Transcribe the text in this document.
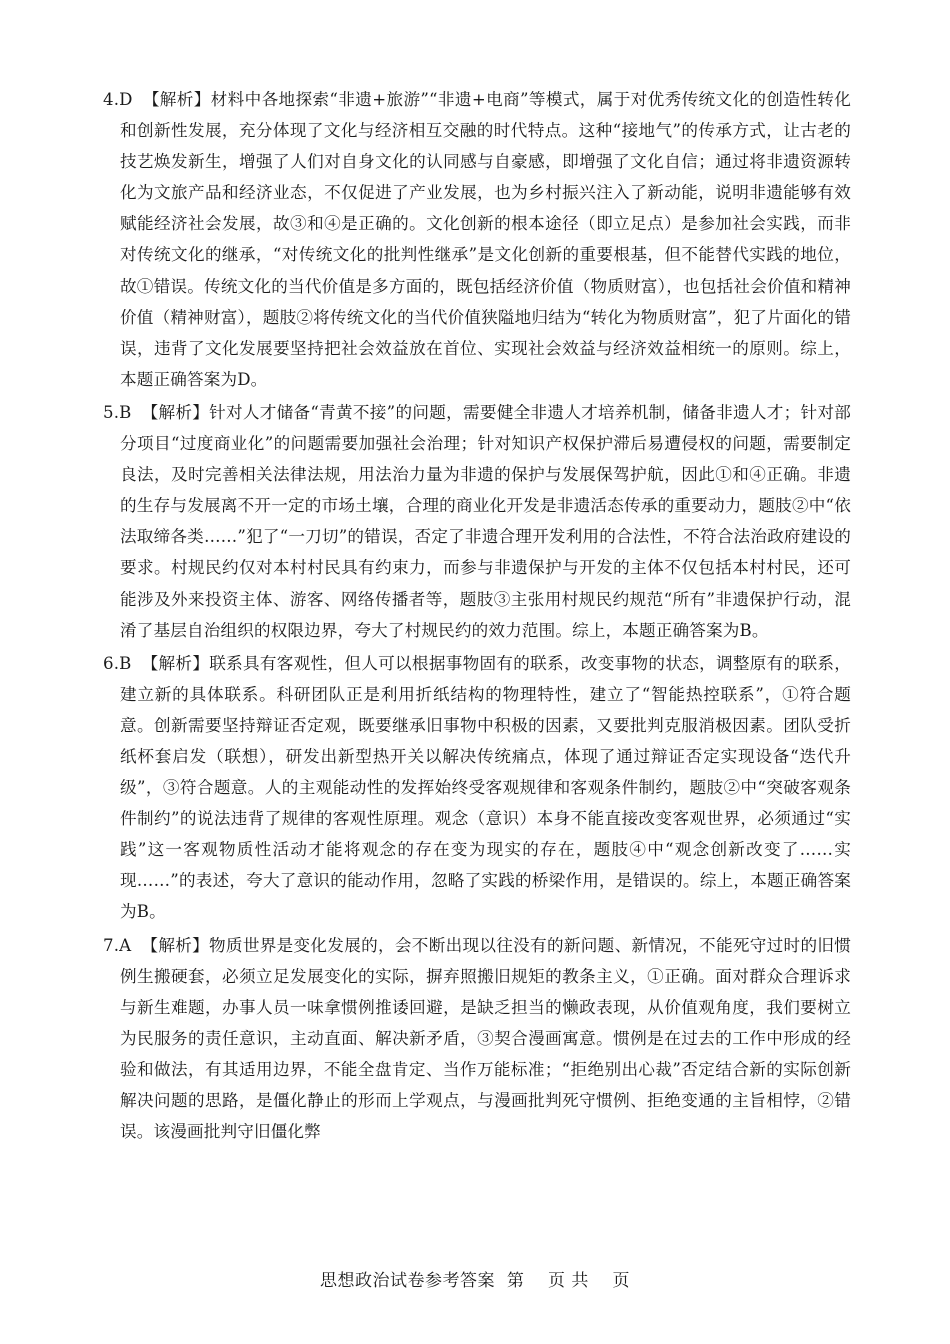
4.D 【解析】材料中各地探索“非遗+旅游”“非遗+电商”等模式，属于对优秀传统文化的创造性转化和创新性发展，充分体现了文化与经济相互交融的时代特点。这种“接地气”的传承方式，让古老的技艺焕发新生，增强了人们对自身文化的认同感与自豪感，即增强了文化自信；通过将非遗资源转化为文旅产品和经济业态，不仅促进了产业发展，也为乡村振兴注入了新动能，说明非遗能够有效赋能经济社会发展，故③和④是正确的。文化创新的根本途径（即立足点）是参加社会实践，而非对传统文化的继承，“对传统文化的批判性继承”是文化创新的重要根基，但不能替代实践的地位，故①错误。传统文化的当代价值是多方面的，既包括经济价值（物质财富），也包括社会价值和精神价值（精神财富），题肢②将传统文化的当代价值狭隘地归结为“转化为物质财富”，犯了片面化的错误，违背了文化发展要坚持把社会效益放在首位、实现社会效益与经济效益相统一的原则。综上，本题正确答案为D。

5.B 【解析】针对人才储备“青黄不接”的问题，需要健全非遗人才培养机制，储备非遗人才；针对部分项目“过度商业化”的问题需要加强社会治理；针对知识产权保护滞后易遭侵权的问题，需要制定良法，及时完善相关法律法规，用法治力量为非遗的保护与发展保驾护航，因此①和④正确。非遗的生存与发展离不开一定的市场土壤，合理的商业化开发是非遗活态传承的重要动力，题肢②中“依法取缔各类……”犯了“一刀切”的错误，否定了非遗合理开发利用的合法性，不符合法治政府建设的要求。村规民约仅对本村村民具有约束力，而参与非遗保护与开发的主体不仅包括本村村民，还可能涉及外来投资主体、游客、网络传播者等，题肢③主张用村规民约规范“所有”非遗保护行动，混淆了基层自治组织的权限边界，夸大了村规民约的效力范围。综上，本题正确答案为B。

6.B 【解析】联系具有客观性，但人可以根据事物固有的联系，改变事物的状态，调整原有的联系，建立新的具体联系。科研团队正是利用折纸结构的物理特性，建立了“智能热控联系”，①符合题意。创新需要坚持辩证否定观，既要继承旧事物中积极的因素，又要批判克服消极因素。团队受折纸杯套启发（联想），研发出新型热开关以解决传统痛点，体现了通过辩证否定实现设备“迭代升级”，③符合题意。人的主观能动性的发挥始终受客观规律和客观条件制约，题肢②中“突破客观条件制约”的说法违背了规律的客观性原理。观念（意识）本身不能直接改变客观世界，必须通过“实践”这一客观物质性活动才能将观念的存在变为现实的存在，题肢④中“观念创新改变了……实现……”的表述，夸大了意识的能动作用，忽略了实践的桥梁作用，是错误的。综上，本题正确答案为B。

7.A 【解析】物质世界是变化发展的，会不断出现以往没有的新问题、新情况，不能死守过时的旧惯例生搬硬套，必须立足发展变化的实际，摒弃照搬旧规矩的教条主义，①正确。面对群众合理诉求与新生难题，办事人员一味拿惯例推诿回避，是缺乏担当的懒政表现，从价值观角度，我们要树立为民服务的责任意识，主动直面、解决新矛盾，③契合漫画寓意。惯例是在过去的工作中形成的经验和做法，有其适用边界，不能全盘肯定、当作万能标准；“拒绝别出心裁”否定结合新的实际创新解决问题的思路，是僵化静止的形而上学观点，与漫画批判死守惯例、拒绝变通的主旨相悖，②错误。该漫画批判守旧僵化弊

思想政治试卷参考答案 第 页 共 页
